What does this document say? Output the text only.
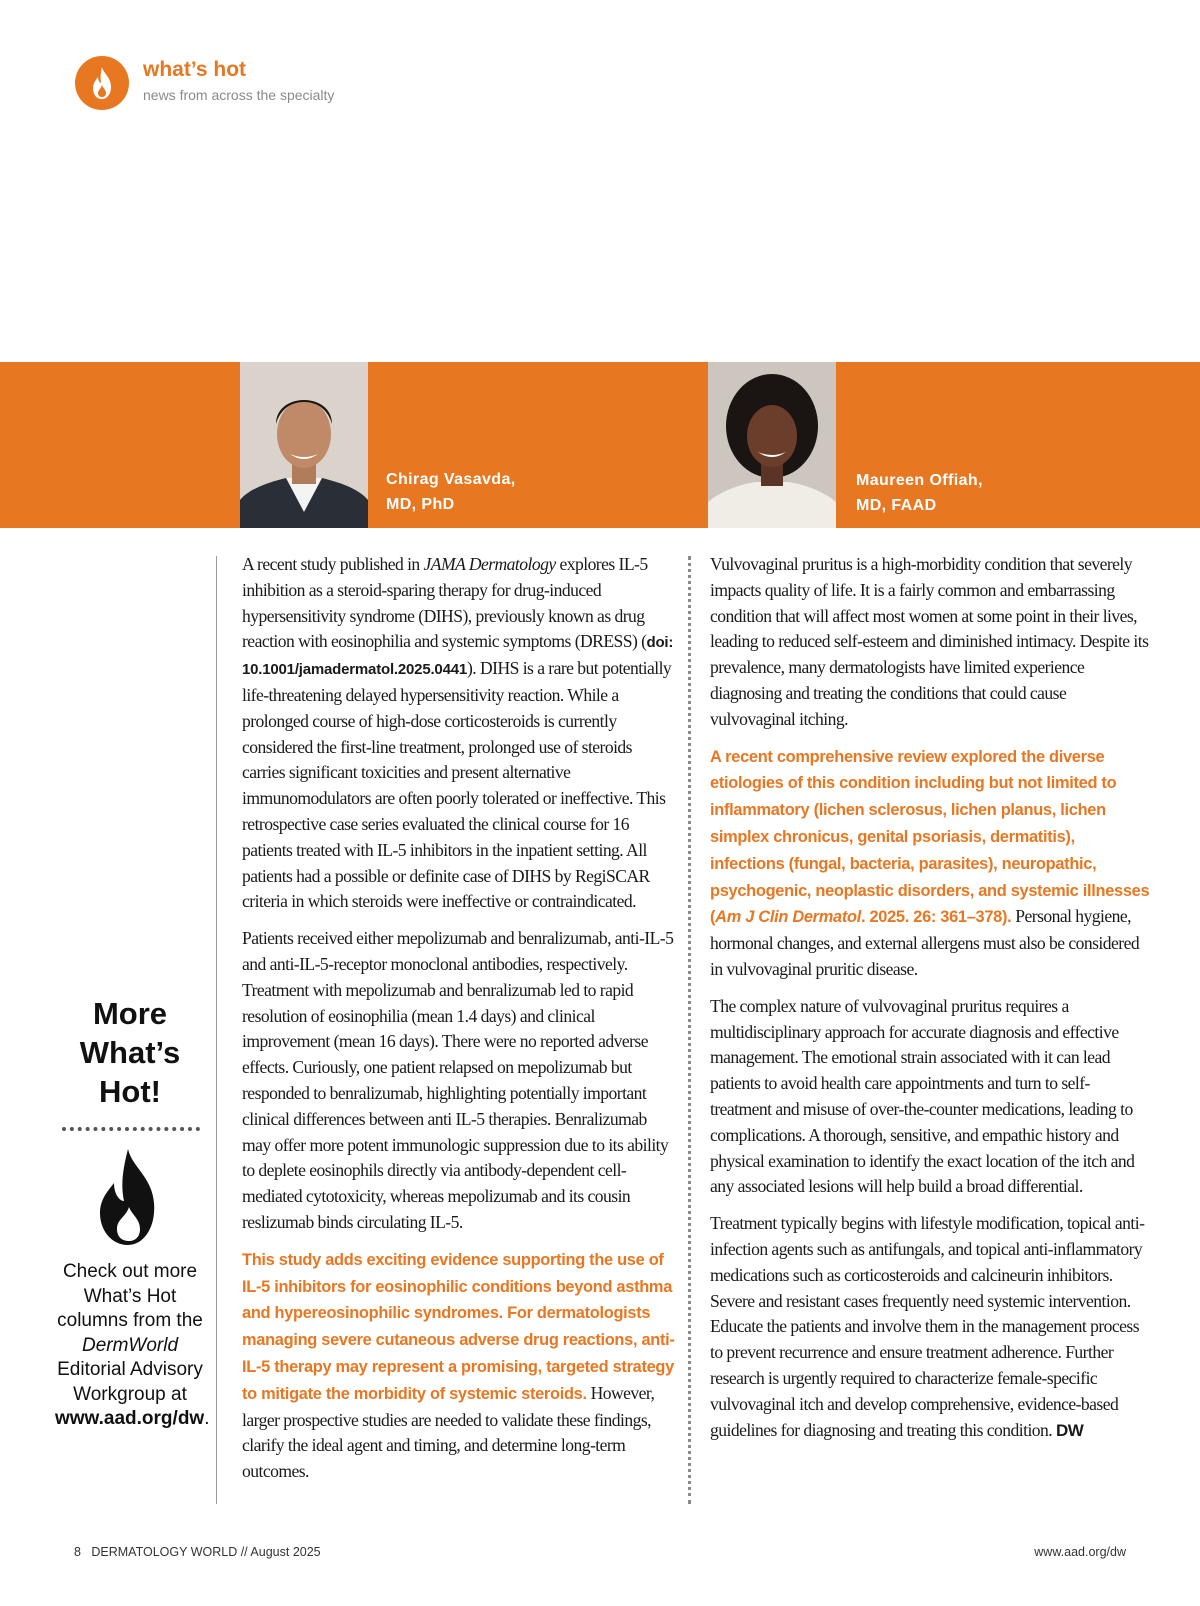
what’s hot
news from across the specialty
Chirag Vasavda,
MD, PhD
Maureen Offiah,
MD, FAAD

A recent study published in JAMA Dermatology explores IL-5 inhibition as a steroid-sparing therapy for drug-induced hypersensitivity syndrome (DIHS), previously known as drug reaction with eosinophilia and systemic symptoms (DRESS) (doi: 10.1001/jamadermatol.2025.0441). DIHS is a rare but potentially life-threatening delayed hypersensitivity reaction. While a prolonged course of high-dose corticosteroids is currently considered the first-line treatment, prolonged use of steroids carries significant toxicities and present alternative immunomodulators are often poorly tolerated or ineffective. This retrospective case series evaluated the clinical course for 16 patients treated with IL-5 inhibitors in the inpatient setting. All patients had a possible or definite case of DIHS by RegiSCAR criteria in which steroids were ineffective or contraindicated.

Patients received either mepolizumab and benralizumab, anti-IL-5 and anti-IL-5-receptor monoclonal antibodies, respectively. Treatment with mepolizumab and benralizumab led to rapid resolution of eosinophilia (mean 1.4 days) and clinical improvement (mean 16 days). There were no reported adverse effects. Curiously, one patient relapsed on mepolizumab but responded to benralizumab, highlighting potentially important clinical differences between anti IL-5 therapies. Benralizumab may offer more potent immunologic suppression due to its ability to deplete eosinophils directly via antibody-dependent cell-mediated cytotoxicity, whereas mepolizumab and its cousin reslizumab binds circulating IL-5.

This study adds exciting evidence supporting the use of IL-5 inhibitors for eosinophilic conditions beyond asthma and hypereosinophilic syndromes. For dermatologists managing severe cutaneous adverse drug reactions, anti-IL-5 therapy may represent a promising, targeted strategy to mitigate the morbidity of systemic steroids. However, larger prospective studies are needed to validate these findings, clarify the ideal agent and timing, and determine long-term outcomes.

Vulvovaginal pruritus is a high-morbidity condition that severely impacts quality of life. It is a fairly common and embarrassing condition that will affect most women at some point in their lives, leading to reduced self-esteem and diminished intimacy. Despite its prevalence, many dermatologists have limited experience diagnosing and treating the conditions that could cause vulvovaginal itching.

A recent comprehensive review explored the diverse etiologies of this condition including but not limited to inflammatory (lichen sclerosus, lichen planus, lichen simplex chronicus, genital psoriasis, dermatitis), infections (fungal, bacteria, parasites), neuropathic, psychogenic, neoplastic disorders, and systemic illnesses (Am J Clin Dermatol. 2025. 26: 361–378). Personal hygiene, hormonal changes, and external allergens must also be considered in vulvovaginal pruritic disease.

The complex nature of vulvovaginal pruritus requires a multidisciplinary approach for accurate diagnosis and effective management. The emotional strain associated with it can lead patients to avoid health care appointments and turn to self-treatment and misuse of over-the-counter medications, leading to complications. A thorough, sensitive, and empathic history and physical examination to identify the exact location of the itch and any associated lesions will help build a broad differential.

Treatment typically begins with lifestyle modification, topical anti-infection agents such as antifungals, and topical anti-inflammatory medications such as corticosteroids and calcineurin inhibitors. Severe and resistant cases frequently need systemic intervention. Educate the patients and involve them in the management process to prevent recurrence and ensure treatment adherence. Further research is urgently required to characterize female-specific vulvovaginal itch and develop comprehensive, evidence-based guidelines for diagnosing and treating this condition. DW

More
What’s
Hot!
Check out more What’s Hot columns from the DermWorld Editorial Advisory Workgroup at www.aad.org/dw.
8 DERMATOLOGY WORLD // August 2025	www.aad.org/dw
